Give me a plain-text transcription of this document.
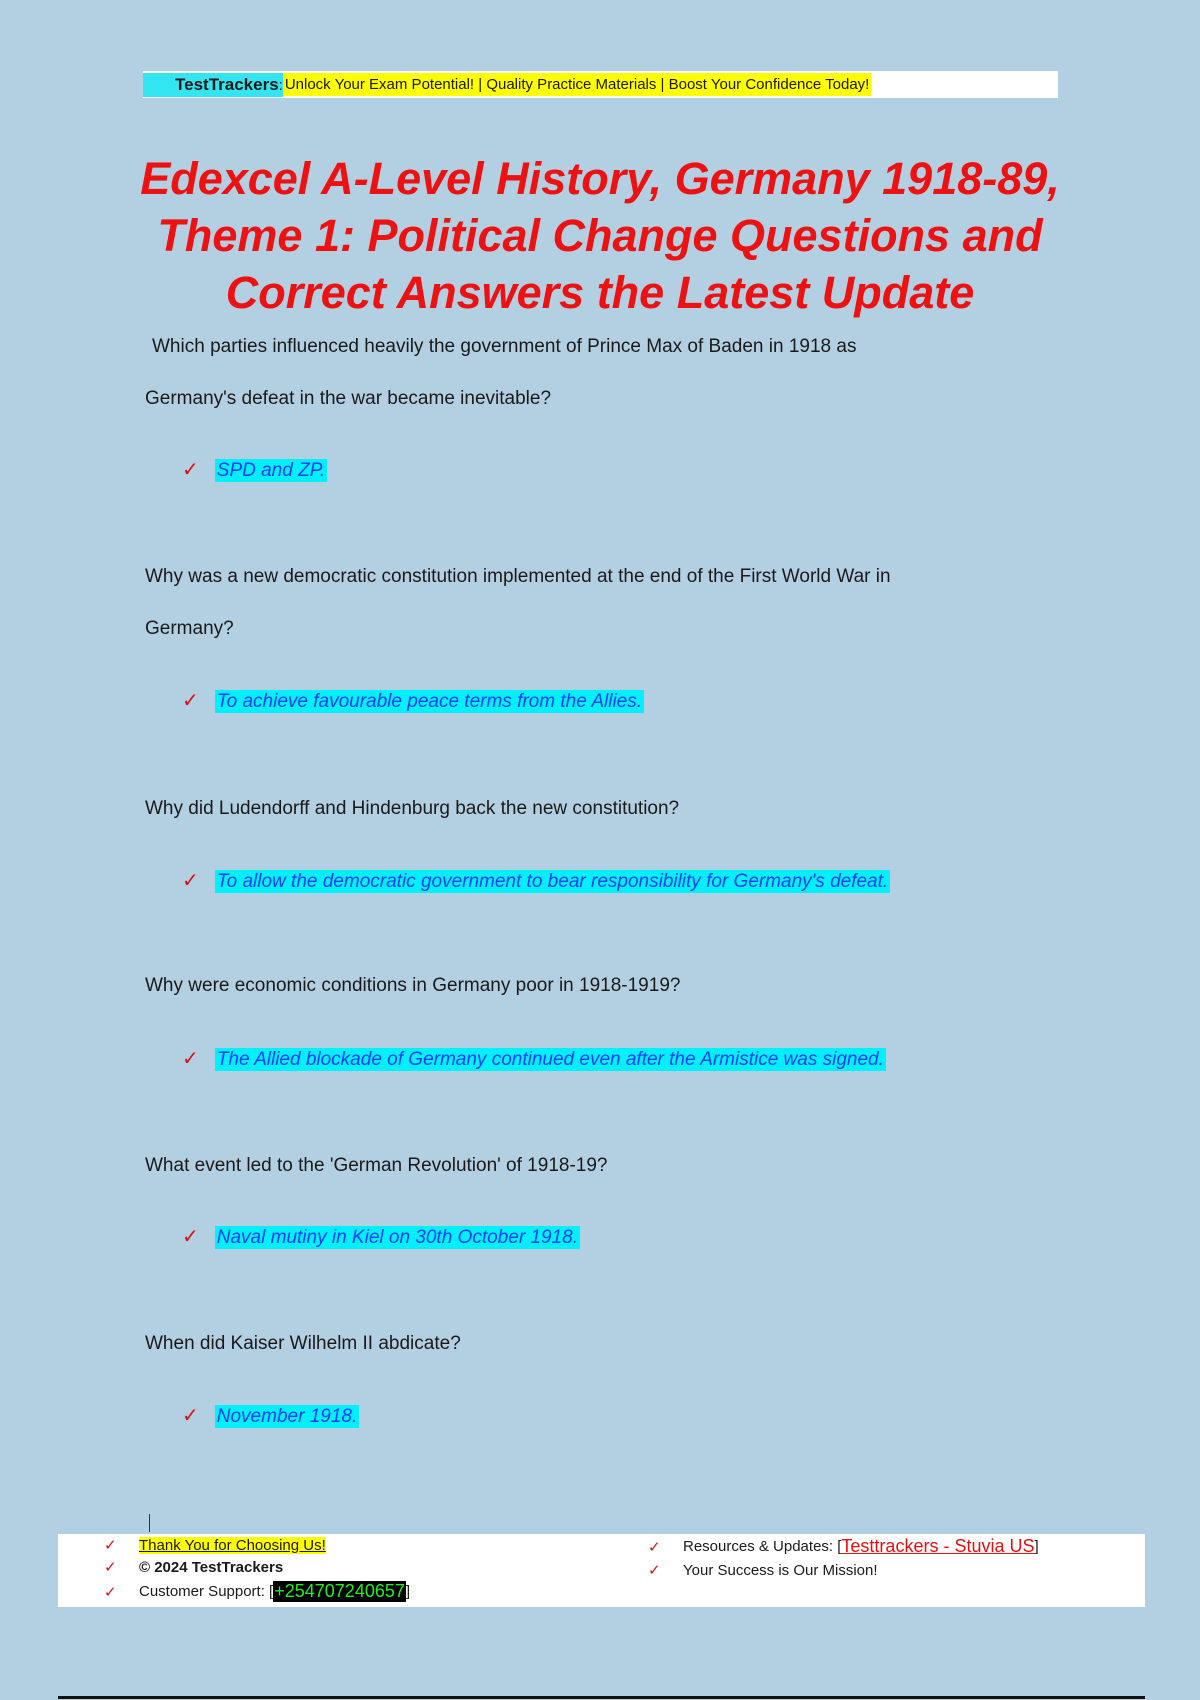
TestTrackers: Unlock Your Exam Potential! | Quality Practice Materials | Boost Your Confidence Today!
Edexcel A-Level History, Germany 1918-89, Theme 1: Political Change Questions and Correct Answers the Latest Update
Which parties influenced heavily the government of Prince Max of Baden in 1918 as
Germany's defeat in the war became inevitable?
✓ SPD and ZP.
Why was a new democratic constitution implemented at the end of the First World War in
Germany?
✓ To achieve favourable peace terms from the Allies.
Why did Ludendorff and Hindenburg back the new constitution?
✓ To allow the democratic government to bear responsibility for Germany's defeat.
Why were economic conditions in Germany poor in 1918-1919?
✓ The Allied blockade of Germany continued even after the Armistice was signed.
What event led to the 'German Revolution' of 1918-19?
✓ Naval mutiny in Kiel on 30th October 1918.
When did Kaiser Wilhelm II abdicate?
✓ November 1918.
✓	Thank You for Choosing Us!
✓	© 2024 TestTrackers
✓	Customer Support: [ +254707240657 ]
✓	Resources & Updates: [ Testtrackers - Stuvia US ]
✓	Your Success is Our Mission!
